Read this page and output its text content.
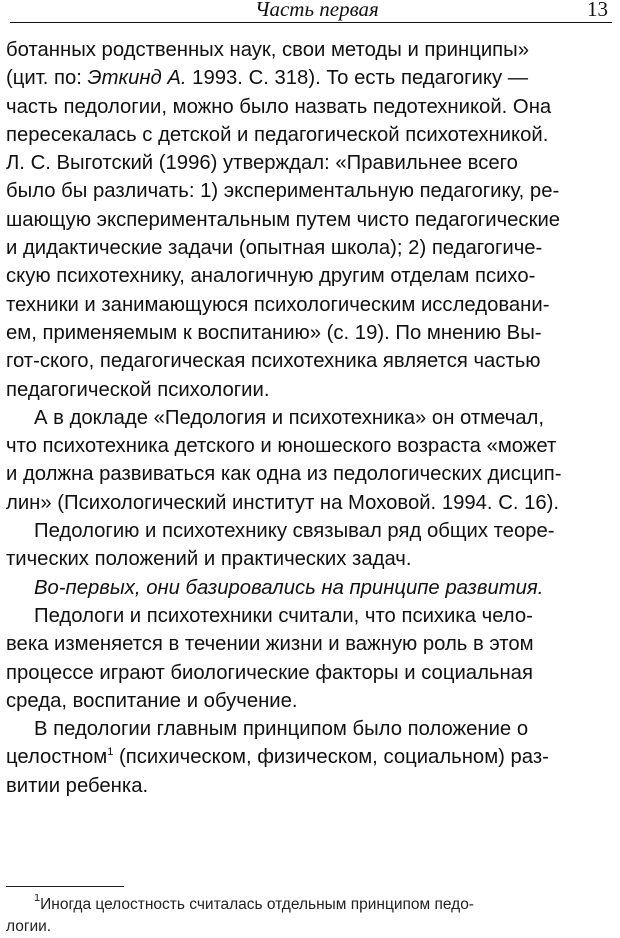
Часть первая	13
ботанных родственных наук, свои методы и принципы»
(цит. по: Эткинд А. 1993. С. 318). То есть педагогику —
часть педологии, можно было назвать педотехникой. Она
пересекалась с детской и педагогической психотехникой.
Л. С. Выготский (1996) утверждал: «Правильнее всего
было бы различать: 1) экспериментальную педагогику, ре-
шающую экспериментальным путем чисто педагогические
и дидактические задачи (опытная школа); 2) педагогиче-
скую психотехнику, аналогичную другим отделам психо-
техники и занимающуюся психологическим исследовани-
ем, применяемым к воспитанию» (с. 19). По мнению Вы-
гот-ского, педагогическая психотехника является частью
педагогической психологии.
А в докладе «Педология и психотехника» он отмечал,
что психотехника детского и юношеского возраста «может
и должна развиваться как одна из педологических дисцип-
лин» (Психологический институт на Моховой. 1994. С. 16).
Педологию и психотехнику связывал ряд общих теоре-
тических положений и практических задач.
Во-первых, они базировались на принципе развития.
Педологи и психотехники считали, что психика чело-
века изменяется в течении жизни и важную роль в этом
процессе играют биологические факторы и социальная
среда, воспитание и обучение.
В педологии главным принципом было положение о
целостном$^1$ (психическом, физическом, социальном) раз-
витии ребенка.
$^1$Иногда целостность считалась отдельным принципом педо-
логии.
